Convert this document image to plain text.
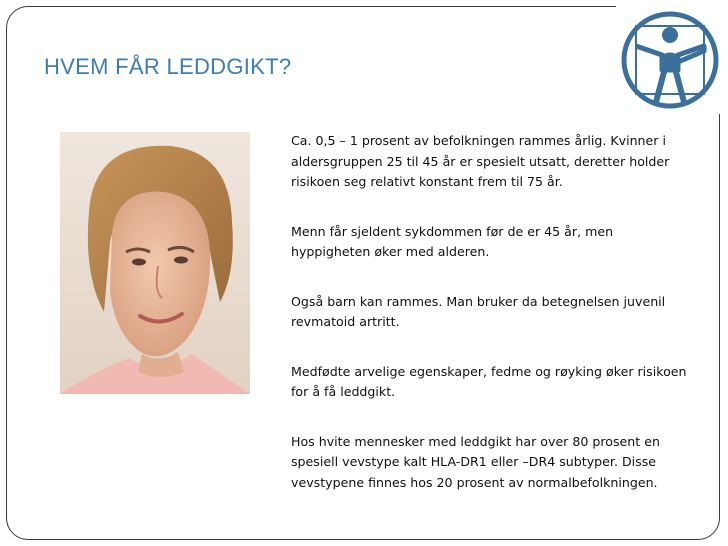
HVEM FÅR LEDDGIKT?

Ca. 0,5 – 1 prosent av befolkningen rammes årlig. Kvinner i aldersgruppen 25 til 45 år er spesielt utsatt, deretter holder risikoen seg relativt konstant frem til 75 år.

Menn får sjeldent sykdommen før de er 45 år, men hyppigheten øker med alderen.

Også barn kan rammes. Man bruker da betegnelsen juvenil revmatoid artritt.

Medfødte arvelige egenskaper, fedme og røyking øker risikoen for å få leddgikt.

Hos hvite mennesker med leddgikt har over 80 prosent en spesiell vevstype kalt HLA-DR1 eller –DR4 subtyper. Disse vevstypene finnes hos 20 prosent av normalbefolkningen.
